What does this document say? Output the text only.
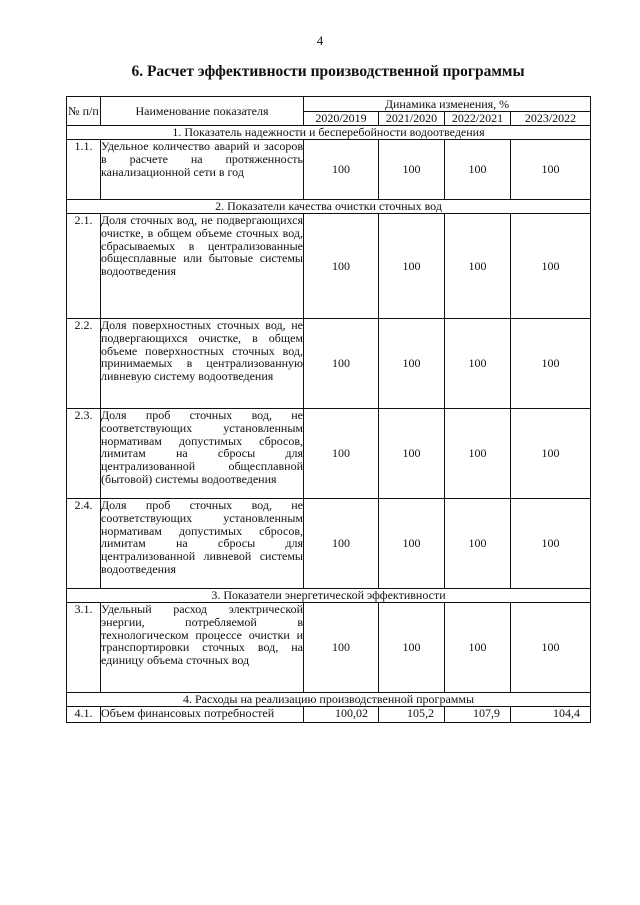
4
6. Расчет эффективности производственной программы
№ п/п	Наименование показателя	Динамика изменения, %			
		2020/2019	2021/2020	2022/2021	2023/2022
1. Показатель надежности и бесперебойности водоотведения					
1.1.	Удельное количество аварий и засоров в расчете на протяженность канализационной сети в год	100	100	100	100
2. Показатели качества очистки сточных вод					
2.1.	Доля сточных вод, не подвергающихся очистке, в общем объеме сточных вод, сбрасываемых в централизованные общесплавные или бытовые системы водоотведения	100	100	100	100
2.2.	Доля поверхностных сточных вод, не подвергающихся очистке, в общем объеме поверхностных сточных вод, принимаемых в централизованную ливневую систему водоотведения	100	100	100	100
2.3.	Доля проб сточных вод, не соответствующих установленным нормативам допустимых сбросов, лимитам на сбросы для централизованной общесплавной (бытовой) системы водоотведения	100	100	100	100
2.4.	Доля проб сточных вод, не соответствующих установленным нормативам допустимых сбросов, лимитам на сбросы для централизованной ливневой системы водоотведения	100	100	100	100
3. Показатели энергетической эффективности					
3.1.	Удельный расход электрической энергии, потребляемой в технологическом процессе очистки и транспортировки сточных вод, на единицу объема сточных вод	100	100	100	100
4. Расходы на реализацию производственной программы					
4.1.	Объем финансовых потребностей	100,02	105,2	107,9	104,4
